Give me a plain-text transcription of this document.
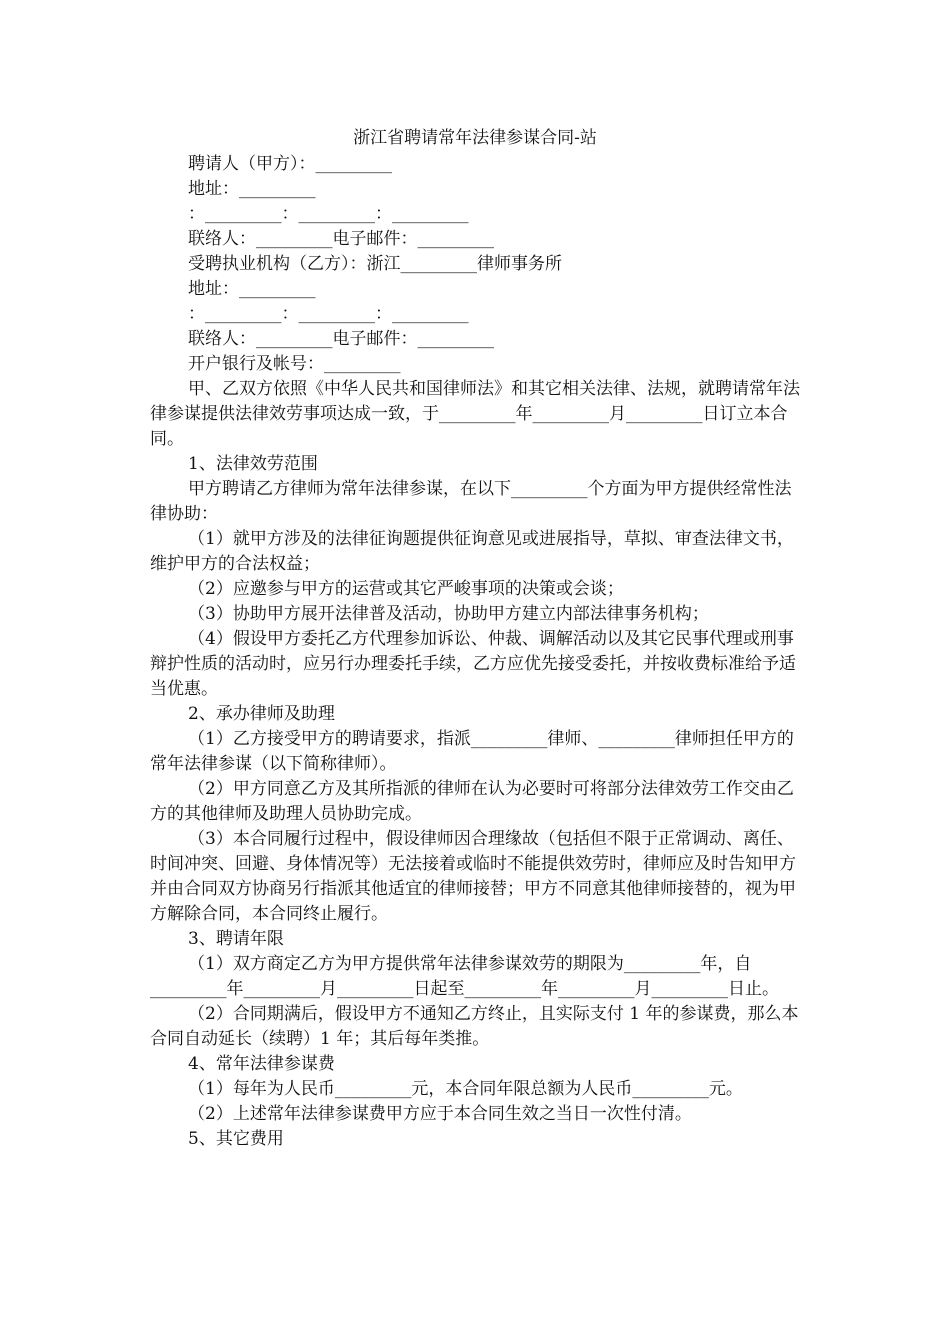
浙江省聘请常年法律参谋合同-站

聘请人（甲方）：_________

地址：_________

：_________：_________：_________

联络人：_________电子邮件：_________

受聘执业机构（乙方）：浙江_________律师事务所

地址：_________

：_________：_________：_________

联络人：_________电子邮件：_________

开户银行及帐号：_________

甲、乙双方依照《中华人民共和国律师法》和其它相关法律、法规，就聘请常年法律参谋提供法律效劳事项达成一致，于_________年_________月_________日订立本合同。

1、法律效劳范围

甲方聘请乙方律师为常年法律参谋，在以下_________个方面为甲方提供经常性法律协助：

（1）就甲方涉及的法律征询题提供征询意见或进展指导，草拟、审查法律文书，维护甲方的合法权益；

（2）应邀参与甲方的运营或其它严峻事项的决策或会谈；

（3）协助甲方展开法律普及活动，协助甲方建立内部法律事务机构；

（4）假设甲方委托乙方代理参加诉讼、仲裁、调解活动以及其它民事代理或刑事辩护性质的活动时，应另行办理委托手续，乙方应优先接受委托，并按收费标准给予适当优惠。

2、承办律师及助理

（1）乙方接受甲方的聘请要求，指派_________律师、_________律师担任甲方的常年法律参谋（以下简称律师）。

（2）甲方同意乙方及其所指派的律师在认为必要时可将部分法律效劳工作交由乙方的其他律师及助理人员协助完成。

（3）本合同履行过程中，假设律师因合理缘故（包括但不限于正常调动、离任、时间冲突、回避、身体情况等）无法接着或临时不能提供效劳时，律师应及时告知甲方并由合同双方协商另行指派其他适宜的律师接替；甲方不同意其他律师接替的，视为甲方解除合同，本合同终止履行。

3、聘请年限

（1）双方商定乙方为甲方提供常年法律参谋效劳的期限为_________年，自_________年_________月_________日起至_________年_________月_________日止。

（2）合同期满后，假设甲方不通知乙方终止，且实际支付 1 年的参谋费，那么本合同自动延长（续聘）1 年；其后每年类推。

4、常年法律参谋费

（1）每年为人民币_________元，本合同年限总额为人民币_________元。

（2）上述常年法律参谋费甲方应于本合同生效之当日一次性付清。

5、其它费用
